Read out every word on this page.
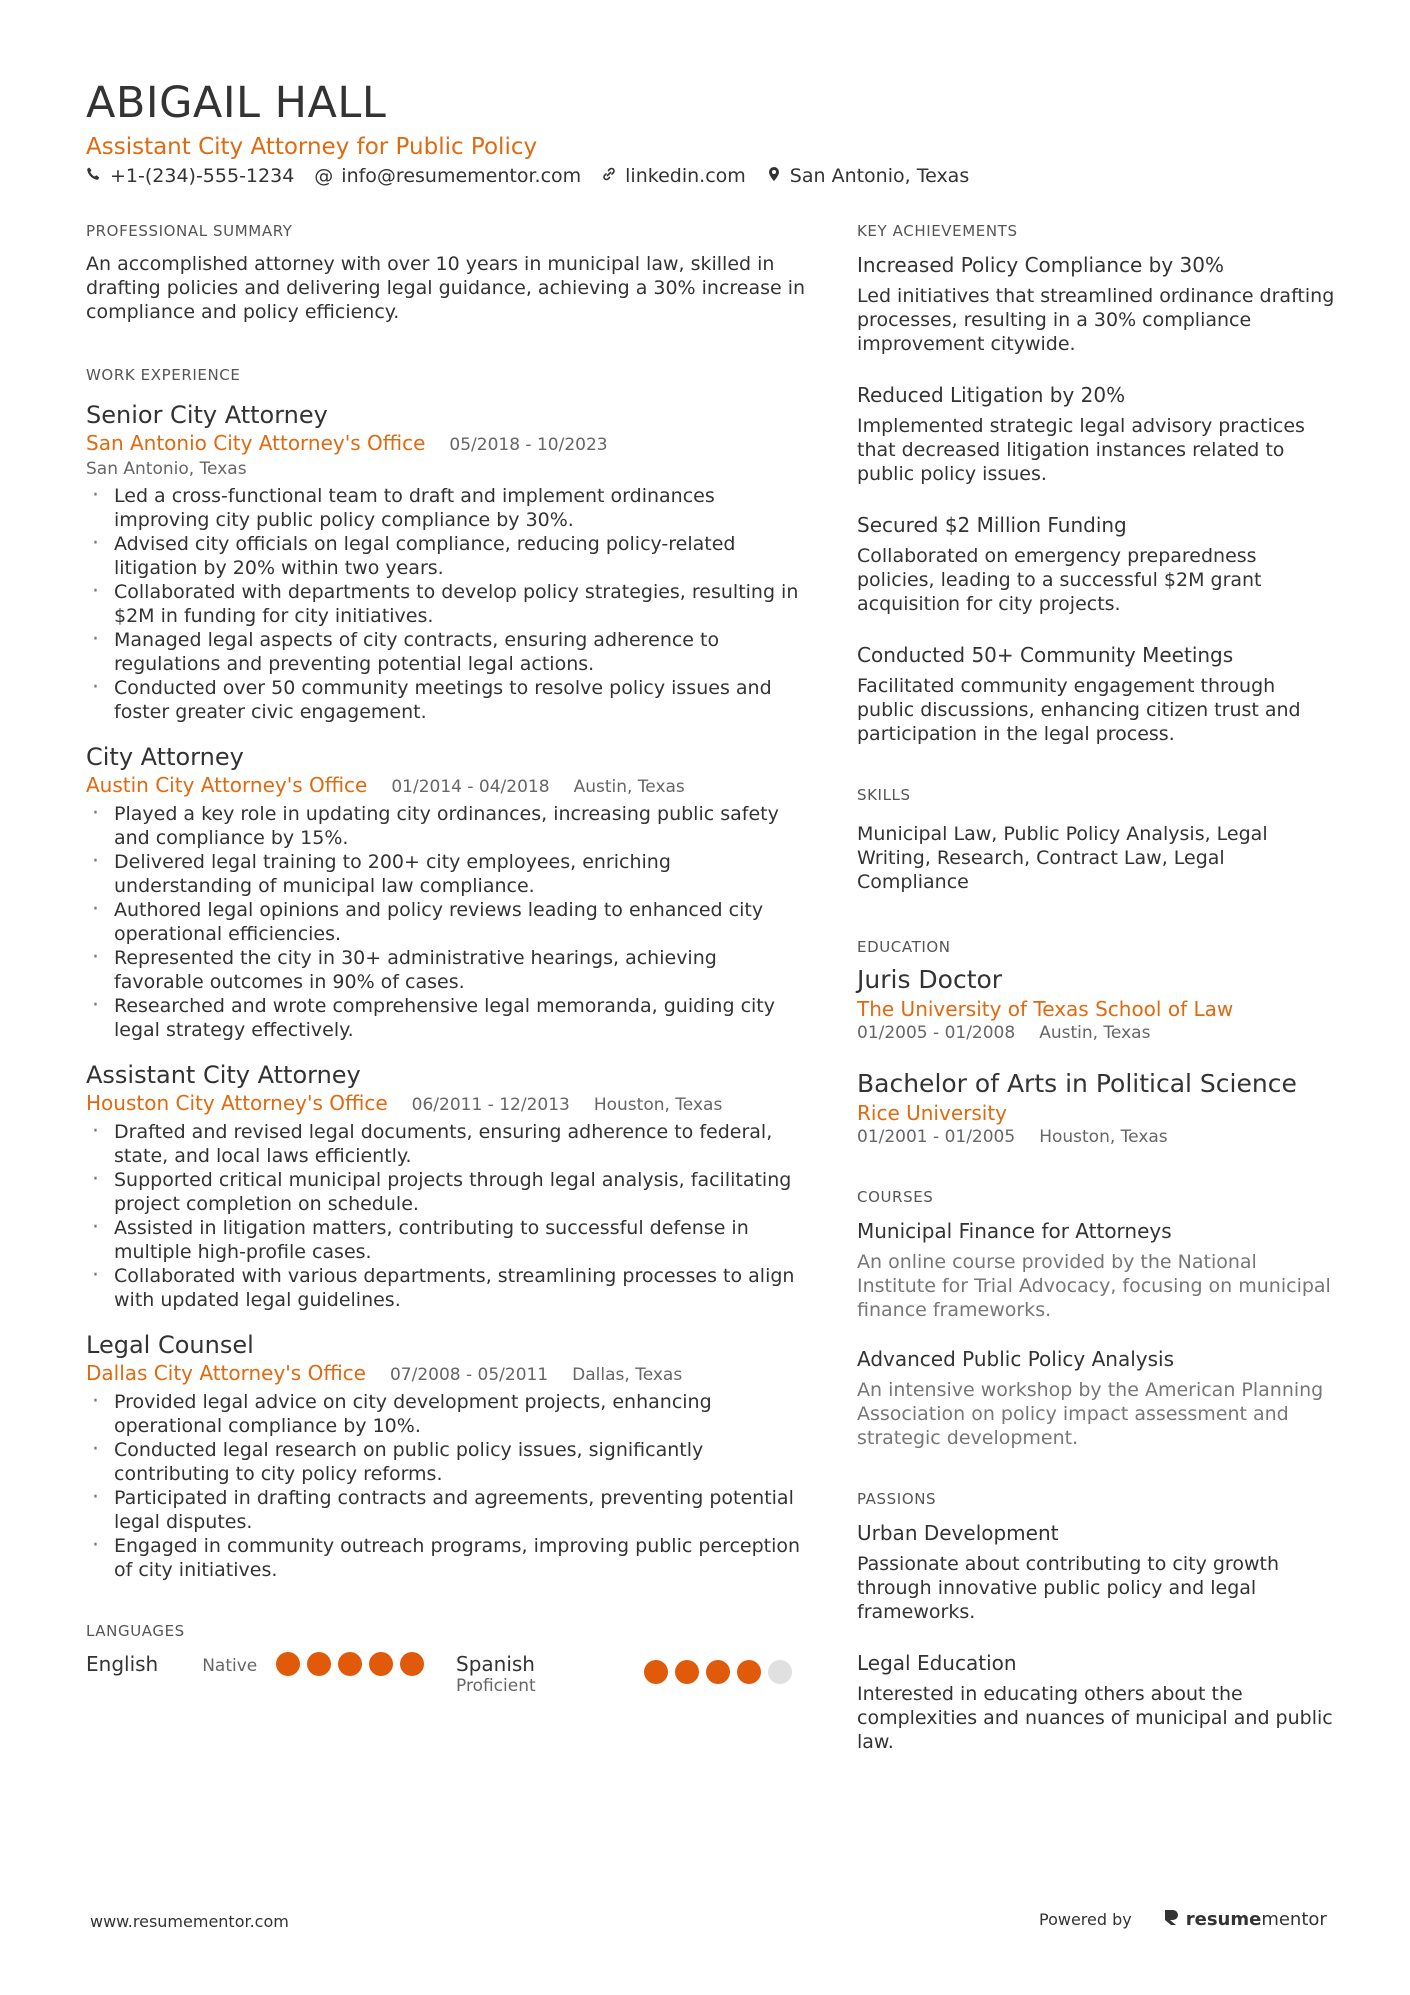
ABIGAIL HALL
Assistant City Attorney for Public Policy
+1-(234)-555-1234 @ info@resumementor.com linkedin.com San Antonio, Texas
PROFESSIONAL SUMMARY
An accomplished attorney with over 10 years in municipal law, skilled in drafting policies and delivering legal guidance, achieving a 30% increase in compliance and policy efficiency.
WORK EXPERIENCE
Senior City Attorney
San Antonio City Attorney's Office 05/2018 - 10/2023
San Antonio, Texas
· Led a cross-functional team to draft and implement ordinances improving city public policy compliance by 30%.
· Advised city officials on legal compliance, reducing policy-related litigation by 20% within two years.
· Collaborated with departments to develop policy strategies, resulting in $2M in funding for city initiatives.
· Managed legal aspects of city contracts, ensuring adherence to regulations and preventing potential legal actions.
· Conducted over 50 community meetings to resolve policy issues and foster greater civic engagement.
City Attorney
Austin City Attorney's Office 01/2014 - 04/2018 Austin, Texas
· Played a key role in updating city ordinances, increasing public safety and compliance by 15%.
· Delivered legal training to 200+ city employees, enriching understanding of municipal law compliance.
· Authored legal opinions and policy reviews leading to enhanced city operational efficiencies.
· Represented the city in 30+ administrative hearings, achieving favorable outcomes in 90% of cases.
· Researched and wrote comprehensive legal memoranda, guiding city legal strategy effectively.
Assistant City Attorney
Houston City Attorney's Office 06/2011 - 12/2013 Houston, Texas
· Drafted and revised legal documents, ensuring adherence to federal, state, and local laws efficiently.
· Supported critical municipal projects through legal analysis, facilitating project completion on schedule.
· Assisted in litigation matters, contributing to successful defense in multiple high-profile cases.
· Collaborated with various departments, streamlining processes to align with updated legal guidelines.
Legal Counsel
Dallas City Attorney's Office 07/2008 - 05/2011 Dallas, Texas
· Provided legal advice on city development projects, enhancing operational compliance by 10%.
· Conducted legal research on public policy issues, significantly contributing to city policy reforms.
· Participated in drafting contracts and agreements, preventing potential legal disputes.
· Engaged in community outreach programs, improving public perception of city initiatives.
LANGUAGES
English	Native	Spanish
Proficient
KEY ACHIEVEMENTS
Increased Policy Compliance by 30%
Led initiatives that streamlined ordinance drafting processes, resulting in a 30% compliance improvement citywide.
Reduced Litigation by 20%
Implemented strategic legal advisory practices that decreased litigation instances related to public policy issues.
Secured $2 Million Funding
Collaborated on emergency preparedness policies, leading to a successful $2M grant acquisition for city projects.
Conducted 50+ Community Meetings
Facilitated community engagement through public discussions, enhancing citizen trust and participation in the legal process.
SKILLS
Municipal Law, Public Policy Analysis, Legal Writing, Research, Contract Law, Legal Compliance
EDUCATION
Juris Doctor
The University of Texas School of Law
01/2005 - 01/2008 Austin, Texas
Bachelor of Arts in Political Science
Rice University
01/2001 - 01/2005 Houston, Texas
COURSES
Municipal Finance for Attorneys
An online course provided by the National Institute for Trial Advocacy, focusing on municipal finance frameworks.
Advanced Public Policy Analysis
An intensive workshop by the American Planning Association on policy impact assessment and strategic development.
PASSIONS
Urban Development
Passionate about contributing to city growth through innovative public policy and legal frameworks.
Legal Education
Interested in educating others about the complexities and nuances of municipal and public law.
www.resumementor.com	Powered by	resumementor
